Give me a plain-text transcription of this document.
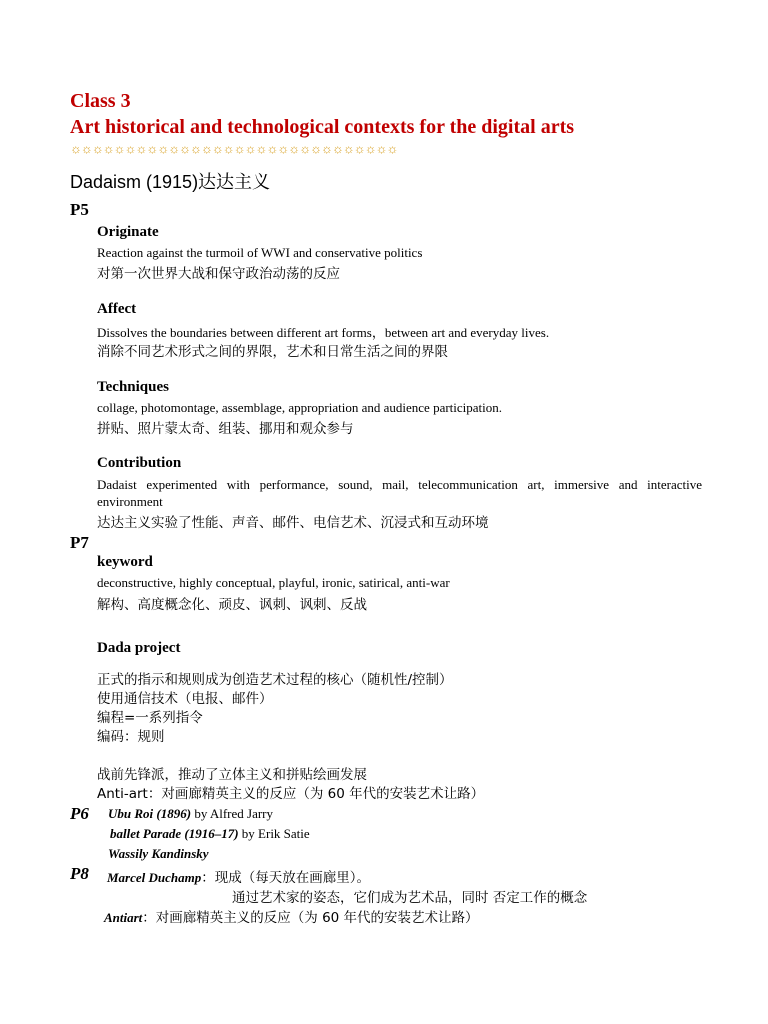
Class 3
Art historical and technological contexts for the digital arts
☼☼☼☼☼☼☼☼☼☼☼☼☼☼☼☼☼☼☼☼☼☼☼☼☼☼☼☼☼☼
Dadaism (1915)达达主义
P5
Originate
Reaction against the turmoil of WWI and conservative politics
对第一次世界大战和保守政治动荡的反应
Affect
Dissolves the boundaries between different art forms，between art and everyday lives.
消除不同艺术形式之间的界限，艺术和日常生活之间的界限
Techniques
collage, photomontage, assemblage, appropriation and audience participation.
拼贴、照片蒙太奇、组装、挪用和观众参与
Contribution
Dadaist experimented with performance, sound, mail, telecommunication art, immersive and interactive environment
达达主义实验了性能、声音、邮件、电信艺术、沉浸式和互动环境
P7
keyword
deconstructive, highly conceptual, playful, ironic, satirical, anti-war
解构、高度概念化、顽皮、讽刺、讽刺、反战
Dada project
正式的指示和规则成为创造艺术过程的核心（随机性/控制）
使用通信技术（电报、邮件）
编程=一系列指令
编码：规则
战前先锋派，推动了立体主义和拼贴绘画发展
Anti-art：对画廊精英主义的反应（为 60 年代的安装艺术让路）
P6 Ubu Roi (1896) by Alfred Jarry
ballet Parade (1916–17) by Erik Satie
Wassily Kandinsky
P8 Marcel Duchamp：现成（每天放在画廊里）。
通过艺术家的姿态，它们成为艺术品，同时 否定工作的概念
Antiart：对画廊精英主义的反应（为 60 年代的安装艺术让路）
